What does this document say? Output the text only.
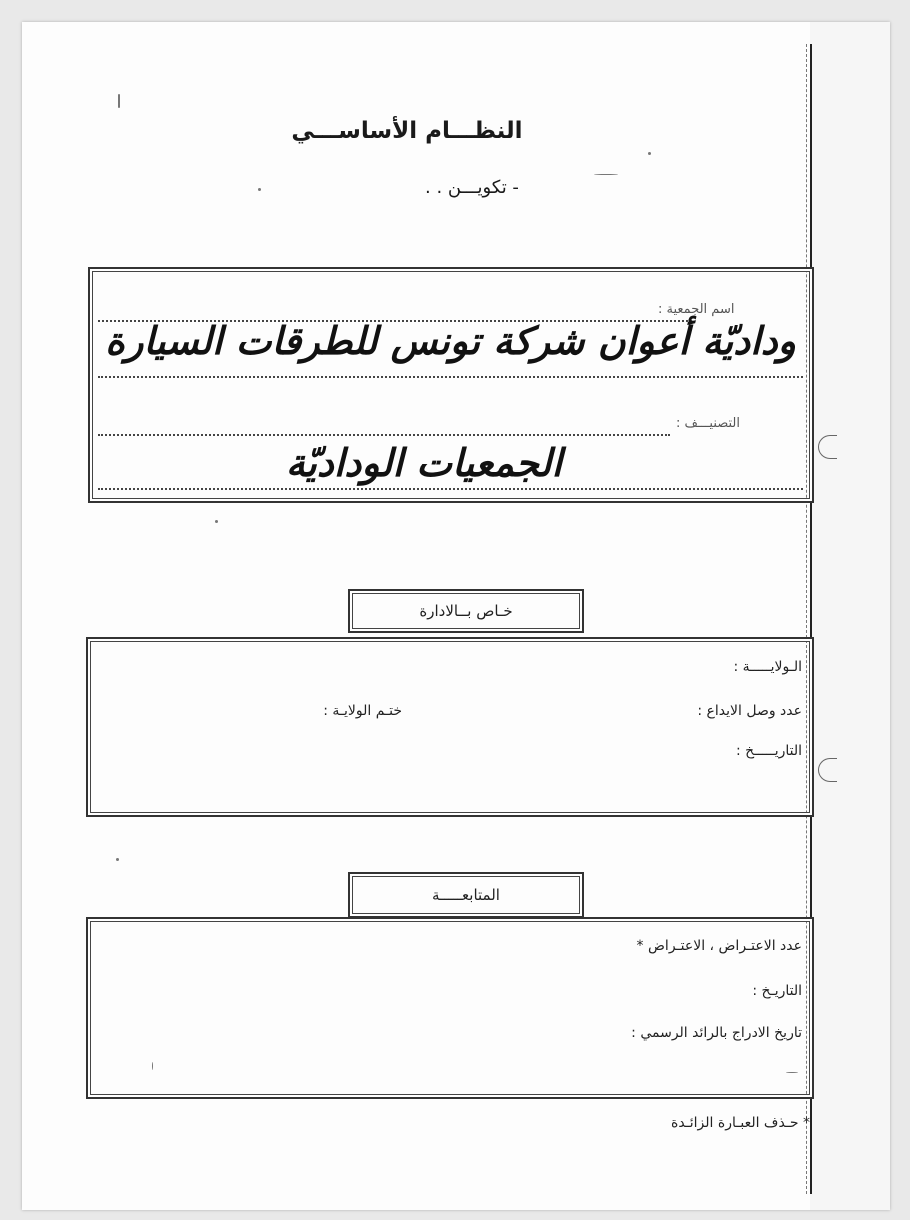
النظـــام الأساســـي
- تكويـــن . .
اسم الجمعية :
وداديّة أعوان شركة تونس للطرقات السيارة
التصنيـــف :
الجمعيات الوداديّة
خـاص بــالادارة
الـولايـــــة :
عدد وصل الايداع :
ختـم الولايـة :
التاريـــــخ :
المتابعـــــة
عدد الاعتـراض ، الاعتـراض *
التاريـخ :
تاريخ الادراج بالرائد الرسمي :
* حـذف العبـارة الزائـدة
